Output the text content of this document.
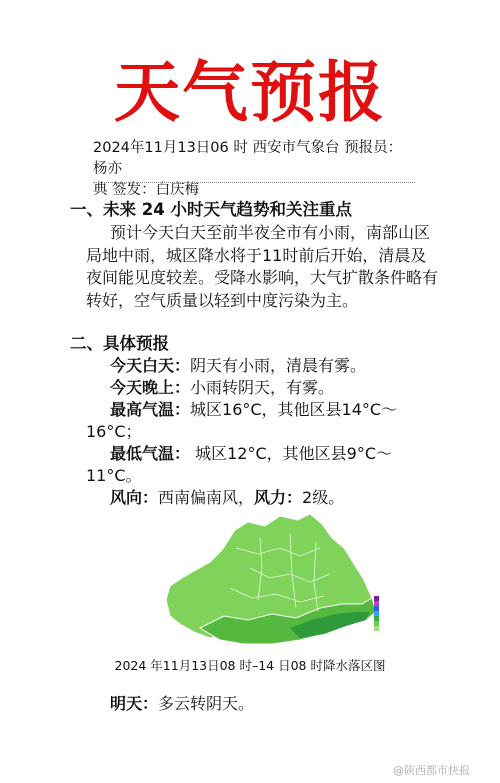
天气预报
2024年11月13日06 时 西安市气象台 预报员：杨亦
典 签发：白庆梅
一、未来 24 小时天气趋势和关注重点
预计今天白天至前半夜全市有小雨，南部山区局地中雨，城区降水将于11时前后开始，清晨及夜间能见度较差。受降水影响，大气扩散条件略有转好，空气质量以轻到中度污染为主。
二、具体预报
今天白天：阴天有小雨，清晨有雾。
今天晚上：小雨转阴天，有雾。
最高气温：城区16°C，其他区县14°C～16°C；
最低气温： 城区12°C，其他区县9°C～11°C。
风向：西南偏南风，风力：2级。
2024 年11月13日08 时–14 日08 时降水落区图
明天：多云转阴天。
@陕西都市快报
